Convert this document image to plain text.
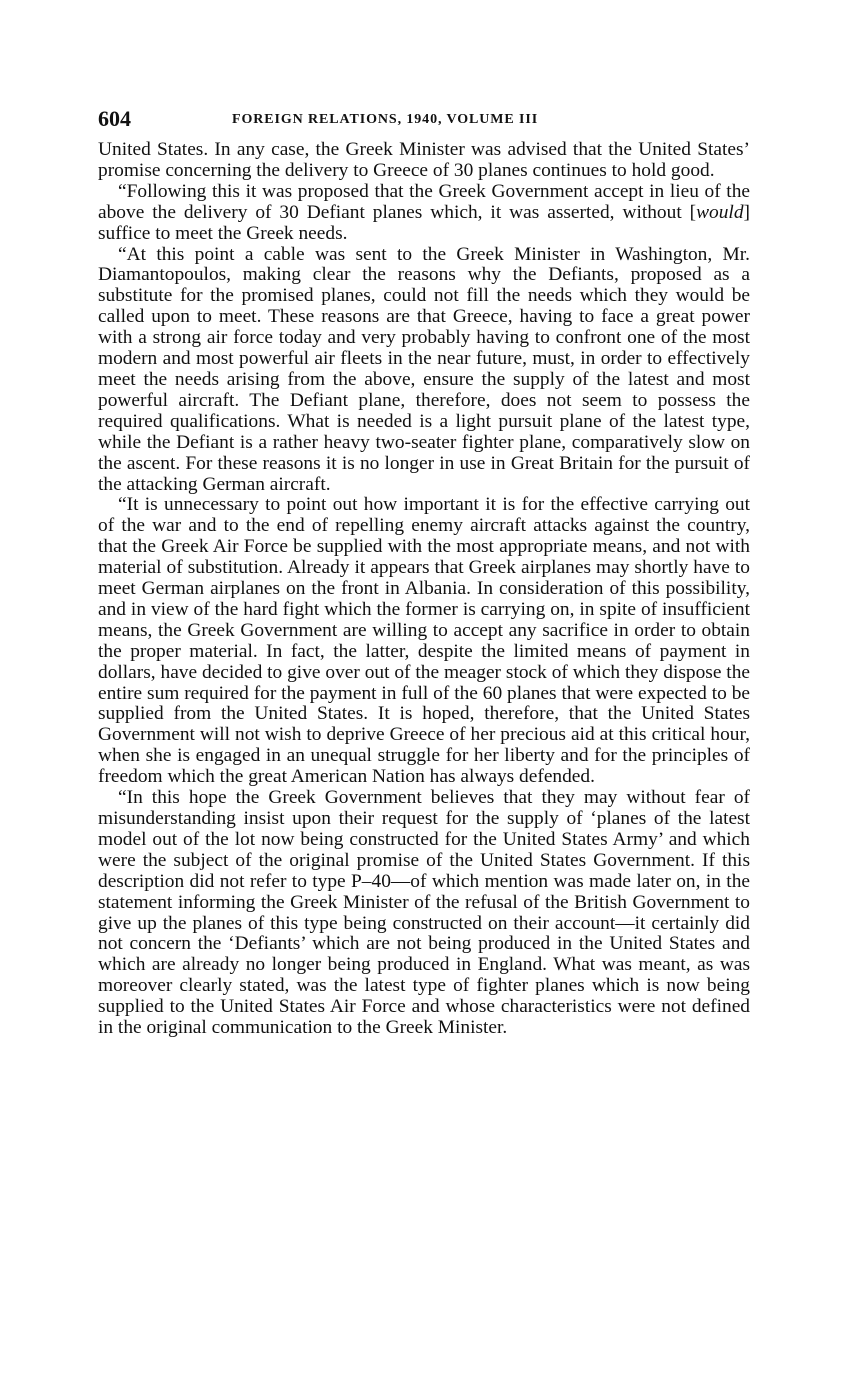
604	FOREIGN RELATIONS, 1940, VOLUME III

United States. In any case, the Greek Minister was advised that the United States’ promise concerning the delivery to Greece of 30 planes continues to hold good.

“Following this it was proposed that the Greek Government accept in lieu of the above the delivery of 30 Defiant planes which, it was asserted, without [would] suffice to meet the Greek needs.

“At this point a cable was sent to the Greek Minister in Washington, Mr. Diamantopoulos, making clear the reasons why the Defiants, proposed as a substitute for the promised planes, could not fill the needs which they would be called upon to meet. These reasons are that Greece, having to face a great power with a strong air force today and very probably having to confront one of the most modern and most powerful air fleets in the near future, must, in order to effectively meet the needs arising from the above, ensure the supply of the latest and most powerful aircraft. The Defiant plane, therefore, does not seem to possess the required qualifications. What is needed is a light pursuit plane of the latest type, while the Defiant is a rather heavy two-seater fighter plane, comparatively slow on the ascent. For these reasons it is no longer in use in Great Britain for the pursuit of the attacking German aircraft.

“It is unnecessary to point out how important it is for the effective carrying out of the war and to the end of repelling enemy aircraft attacks against the country, that the Greek Air Force be supplied with the most appropriate means, and not with material of substitution. Already it appears that Greek airplanes may shortly have to meet German airplanes on the front in Albania. In consideration of this possibility, and in view of the hard fight which the former is carrying on, in spite of insufficient means, the Greek Government are willing to accept any sacrifice in order to obtain the proper material. In fact, the latter, despite the limited means of payment in dollars, have decided to give over out of the meager stock of which they dispose the entire sum required for the payment in full of the 60 planes that were expected to be supplied from the United States. It is hoped, therefore, that the United States Government will not wish to deprive Greece of her precious aid at this critical hour, when she is engaged in an unequal struggle for her liberty and for the principles of freedom which the great American Nation has always defended.

“In this hope the Greek Government believes that they may without fear of misunderstanding insist upon their request for the supply of ‘planes of the latest model out of the lot now being constructed for the United States Army’ and which were the subject of the original promise of the United States Government. If this description did not refer to type P–40—of which mention was made later on, in the statement informing the Greek Minister of the refusal of the British Government to give up the planes of this type being constructed on their account—it certainly did not concern the ‘Defiants’ which are not being produced in the United States and which are already no longer being produced in England. What was meant, as was moreover clearly stated, was the latest type of fighter planes which is now being supplied to the United States Air Force and whose characteristics were not defined in the original communication to the Greek Minister.
